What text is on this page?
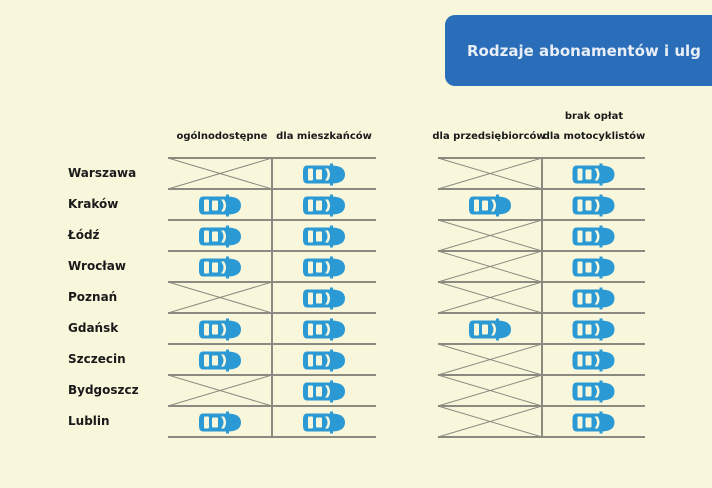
Rodzaje abonamentów i ulg
ogólnodostępne dla mieszkańców	dla przedsiębiorców
brak opłat
dla motocyklistów
Warszawa
Kraków
Łódź
Wrocław
Poznań
Gdańsk
Szczecin
Bydgoszcz
Lublin
